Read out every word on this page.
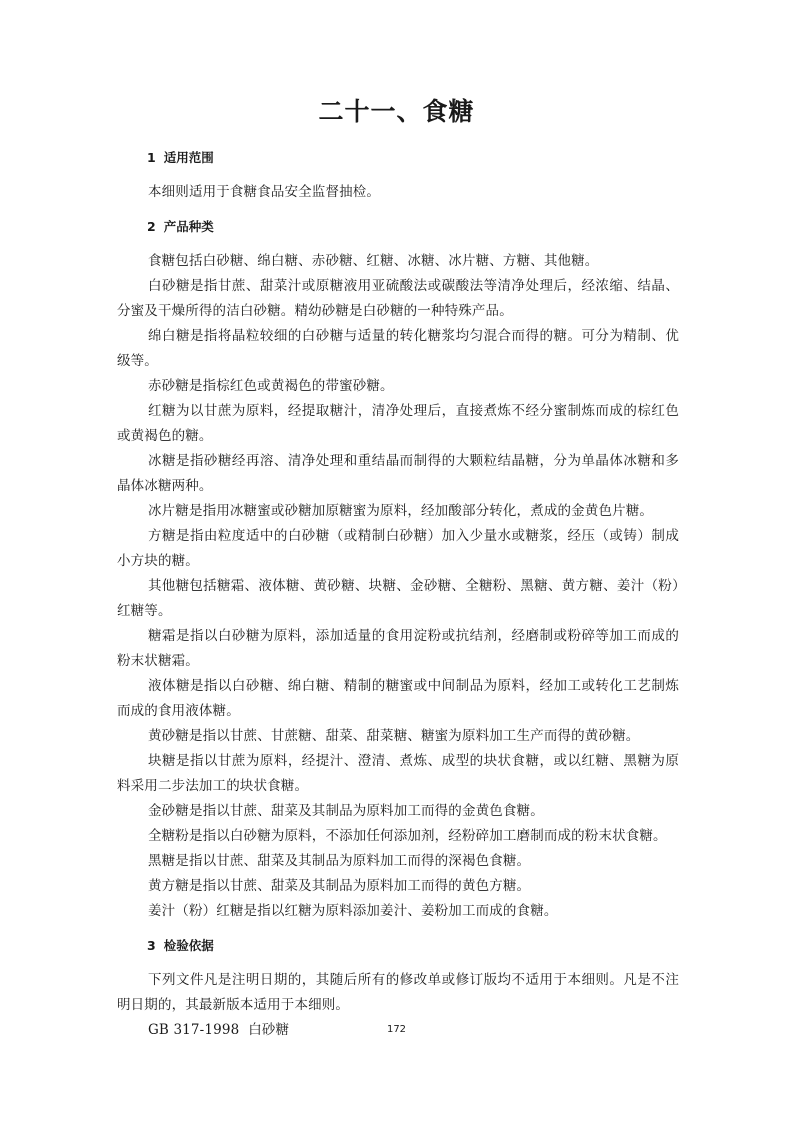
二十一、食糖
1 适用范围

本细则适用于食糖食品安全监督抽检。

2 产品种类

食糖包括白砂糖、绵白糖、赤砂糖、红糖、冰糖、冰片糖、方糖、其他糖。

白砂糖是指甘蔗、甜菜汁或原糖液用亚硫酸法或碳酸法等清净处理后，经浓缩、结晶、分蜜及干燥所得的洁白砂糖。精幼砂糖是白砂糖的一种特殊产品。

绵白糖是指将晶粒较细的白砂糖与适量的转化糖浆均匀混合而得的糖。可分为精制、优级等。

赤砂糖是指棕红色或黄褐色的带蜜砂糖。

红糖为以甘蔗为原料，经提取糖汁，清净处理后，直接煮炼不经分蜜制炼而成的棕红色或黄褐色的糖。

冰糖是指砂糖经再溶、清净处理和重结晶而制得的大颗粒结晶糖，分为单晶体冰糖和多晶体冰糖两种。

冰片糖是指用冰糖蜜或砂糖加原糖蜜为原料，经加酸部分转化，煮成的金黄色片糖。

方糖是指由粒度适中的白砂糖（或精制白砂糖）加入少量水或糖浆，经压（或铸）制成小方块的糖。

其他糖包括糖霜、液体糖、黄砂糖、块糖、金砂糖、全糖粉、黑糖、黄方糖、姜汁（粉）红糖等。

糖霜是指以白砂糖为原料，添加适量的食用淀粉或抗结剂，经磨制或粉碎等加工而成的粉末状糖霜。

液体糖是指以白砂糖、绵白糖、精制的糖蜜或中间制品为原料，经加工或转化工艺制炼而成的食用液体糖。

黄砂糖是指以甘蔗、甘蔗糖、甜菜、甜菜糖、糖蜜为原料加工生产而得的黄砂糖。

块糖是指以甘蔗为原料，经提汁、澄清、煮炼、成型的块状食糖，或以红糖、黑糖为原料采用二步法加工的块状食糖。

金砂糖是指以甘蔗、甜菜及其制品为原料加工而得的金黄色食糖。

全糖粉是指以白砂糖为原料，不添加任何添加剂，经粉碎加工磨制而成的粉末状食糖。

黑糖是指以甘蔗、甜菜及其制品为原料加工而得的深褐色食糖。

黄方糖是指以甘蔗、甜菜及其制品为原料加工而得的黄色方糖。

姜汁（粉）红糖是指以红糖为原料添加姜汁、姜粉加工而成的食糖。

3 检验依据

下列文件凡是注明日期的，其随后所有的修改单或修订版均不适用于本细则。凡是不注明日期的，其最新版本适用于本细则。

GB 317-1998  白砂糖	172
